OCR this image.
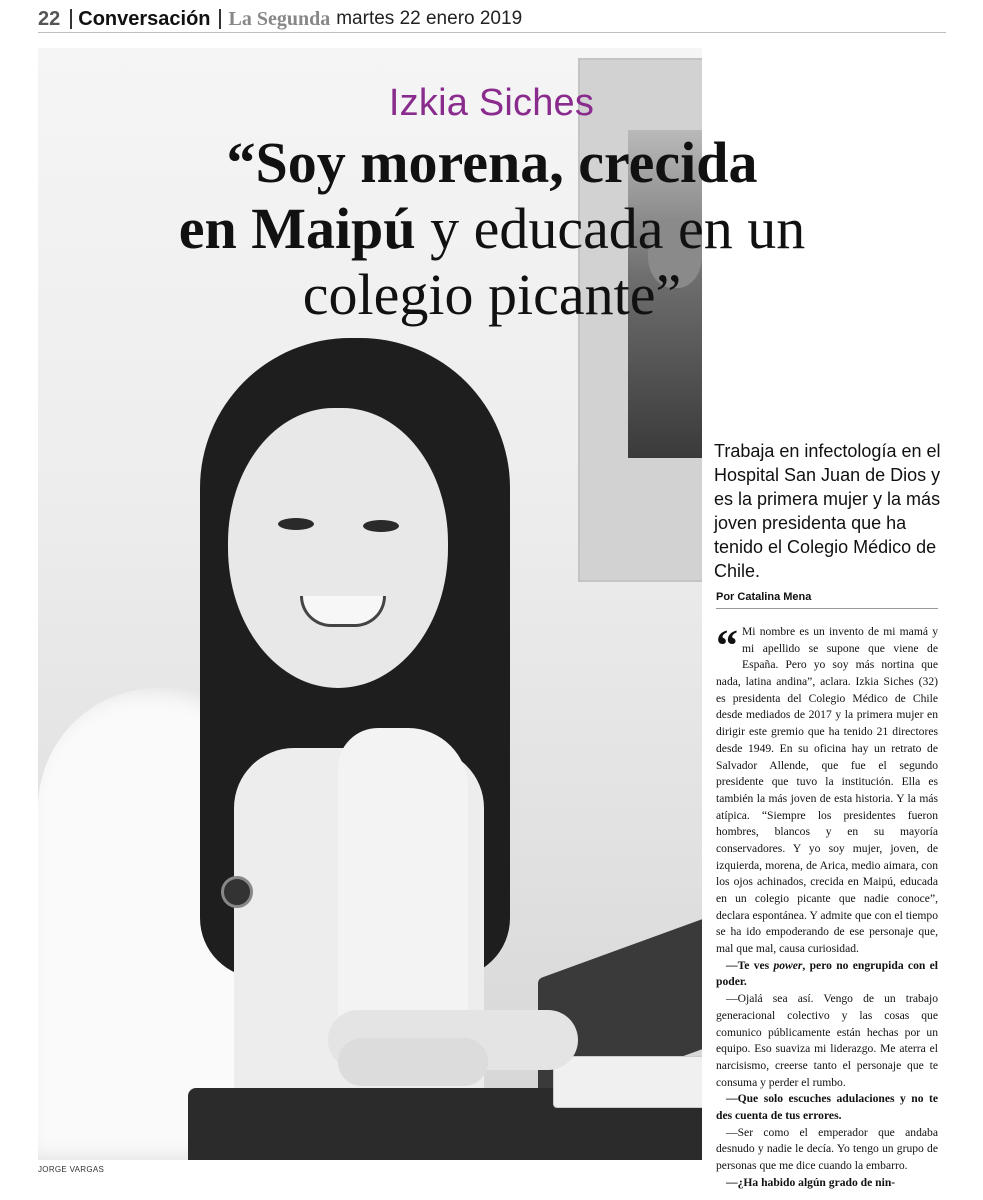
22 Conversación La Segunda martes 22 enero 2019
Izkia Siches
“Soy morena, crecida
en Maipú y educada en un
colegio picante”
Trabaja en infectología en el Hospital San Juan de Dios y es la primera mujer y la más joven presidenta que ha tenido el Colegio Médico de Chile.
Por Catalina Mena

“ Mi nombre es un invento de mi mamá y mi apellido se supone que viene de España. Pero yo soy más nortina que nada, latina andina”, aclara. Izkia Siches (32) es presidenta del Colegio Médico de Chile desde mediados de 2017 y la primera mujer en dirigir este gremio que ha tenido 21 directores desde 1949. En su oficina hay un retrato de Salvador Allende, que fue el segundo presidente que tuvo la institución. Ella es también la más joven de esta historia. Y la más atípica. “Siempre los presidentes fueron hombres, blancos y en su mayoría conservadores. Y yo soy mujer, joven, de izquierda, morena, de Arica, medio aimara, con los ojos achinados, crecida en Maipú, educada en un colegio picante que nadie conoce”, declara espontánea. Y admite que con el tiempo se ha ido empoderando de ese personaje que, mal que mal, causa curiosidad.

—Te ves power, pero no engrupida con el poder.

—Ojalá sea así. Vengo de un trabajo generacional colectivo y las cosas que comunico públicamente están hechas por un equipo. Eso suaviza mi liderazgo. Me aterra el narcisismo, creerse tanto el personaje que te consuma y perder el rumbo.

—Que solo escuches adulaciones y no te des cuenta de tus errores.

—Ser como el emperador que andaba desnudo y nadie le decía. Yo tengo un grupo de personas que me dice cuando la embarro.

—¿Ha habido algún grado de nin-

JORGE VARGAS
